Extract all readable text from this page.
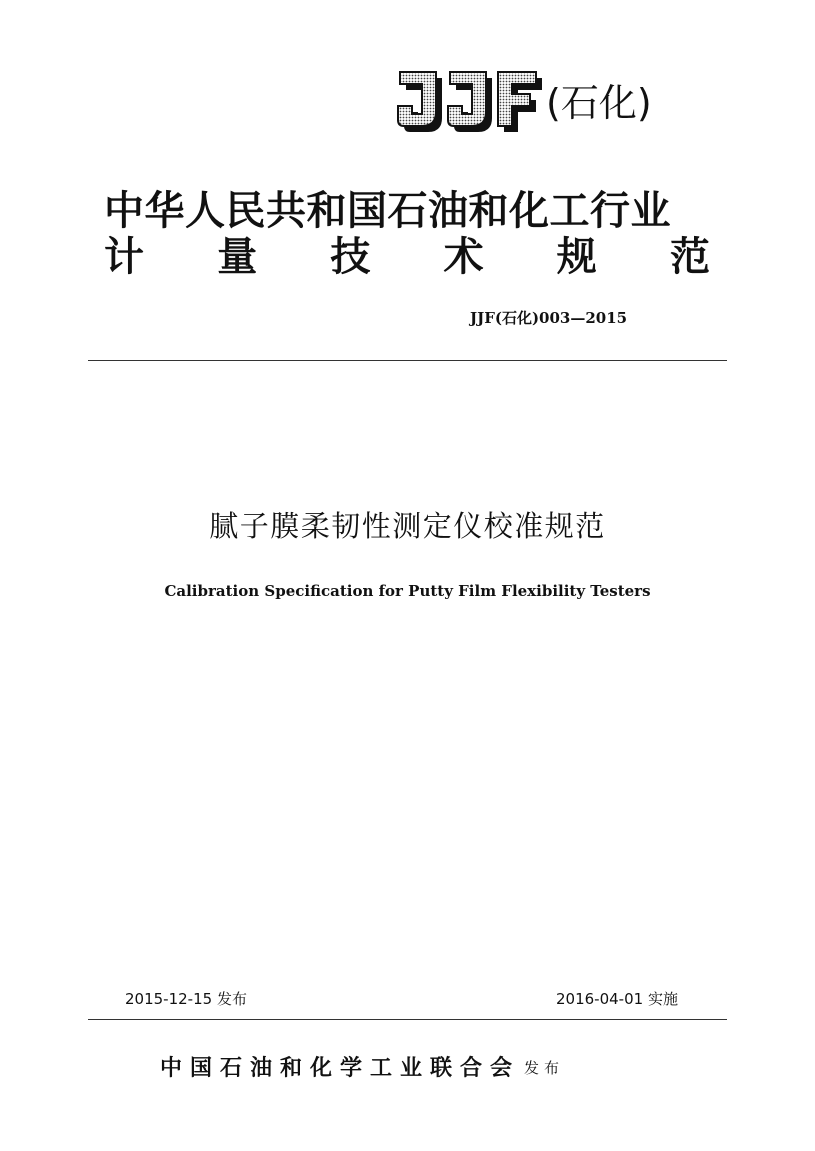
(石化)
中华人民共和国石油和化工行业
计 量 技 术 规 范
JJF(石化)003—2015
腻子膜柔韧性测定仪校准规范
Calibration Specification for Putty Film Flexibility Testers
2015-12-15 发布	2016-04-01 实施
中国石油和化学工业联合会 发布
